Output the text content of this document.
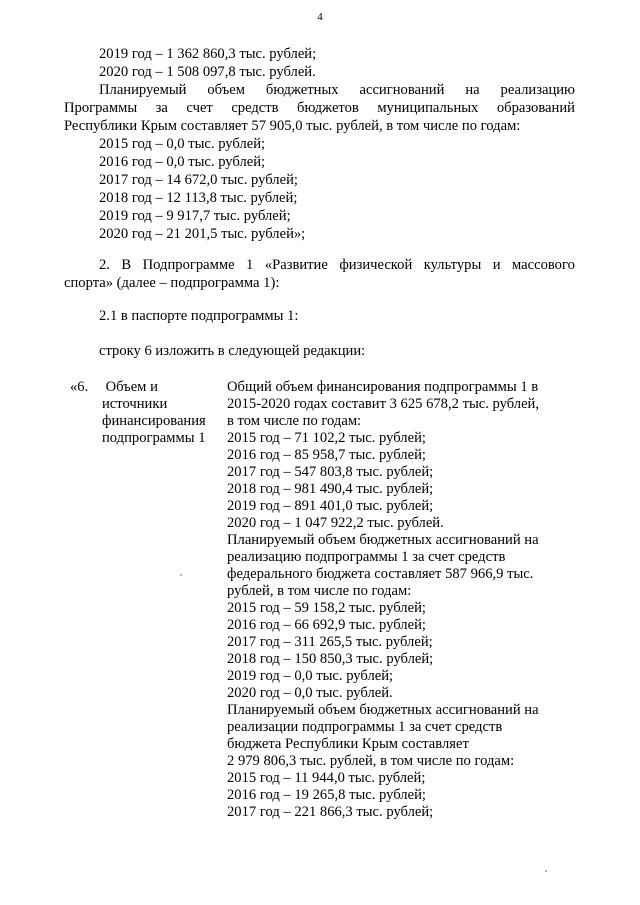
4
2019 год – 1 362 860,3 тыс. рублей;
2020 год – 1 508 097,8 тыс. рублей.
Планируемый объем бюджетных ассигнований на реализацию
Программы за счет средств бюджетов муниципальных образований
Республики Крым составляет 57 905,0 тыс. рублей, в том числе по годам:
2015 год – 0,0 тыс. рублей;
2016 год – 0,0 тыс. рублей;
2017 год – 14 672,0 тыс. рублей;
2018 год – 12 113,8 тыс. рублей;
2019 год – 9 917,7 тыс. рублей;
2020 год – 21 201,5 тыс. рублей»;
2. В Подпрограмме 1 «Развитие физической культуры и массового
спорта» (далее – подпрограмма 1):
2.1 в паспорте подпрограммы 1:
строку 6 изложить в следующей редакции:
«6. Объем и
источники
финансирования
подпрограммы 1
Общий объем финансирования подпрограммы 1 в
2015-2020 годах составит 3 625 678,2 тыс. рублей,
в том числе по годам:
2015 год – 71 102,2 тыс. рублей;
2016 год – 85 958,7 тыс. рублей;
2017 год – 547 803,8 тыс. рублей;
2018 год – 981 490,4 тыс. рублей;
2019 год – 891 401,0 тыс. рублей;
2020 год – 1 047 922,2 тыс. рублей.
Планируемый объем бюджетных ассигнований на
реализацию подпрограммы 1 за счет средств
федерального бюджета составляет 587 966,9 тыс.
рублей, в том числе по годам:
2015 год – 59 158,2 тыс. рублей;
2016 год – 66 692,9 тыс. рублей;
2017 год – 311 265,5 тыс. рублей;
2018 год – 150 850,3 тыс. рублей;
2019 год – 0,0 тыс. рублей;
2020 год – 0,0 тыс. рублей.
Планируемый объем бюджетных ассигнований на
реализации подпрограммы 1 за счет средств
бюджета Республики Крым составляет
2 979 806,3 тыс. рублей, в том числе по годам:
2015 год – 11 944,0 тыс. рублей;
2016 год – 19 265,8 тыс. рублей;
2017 год – 221 866,3 тыс. рублей;
